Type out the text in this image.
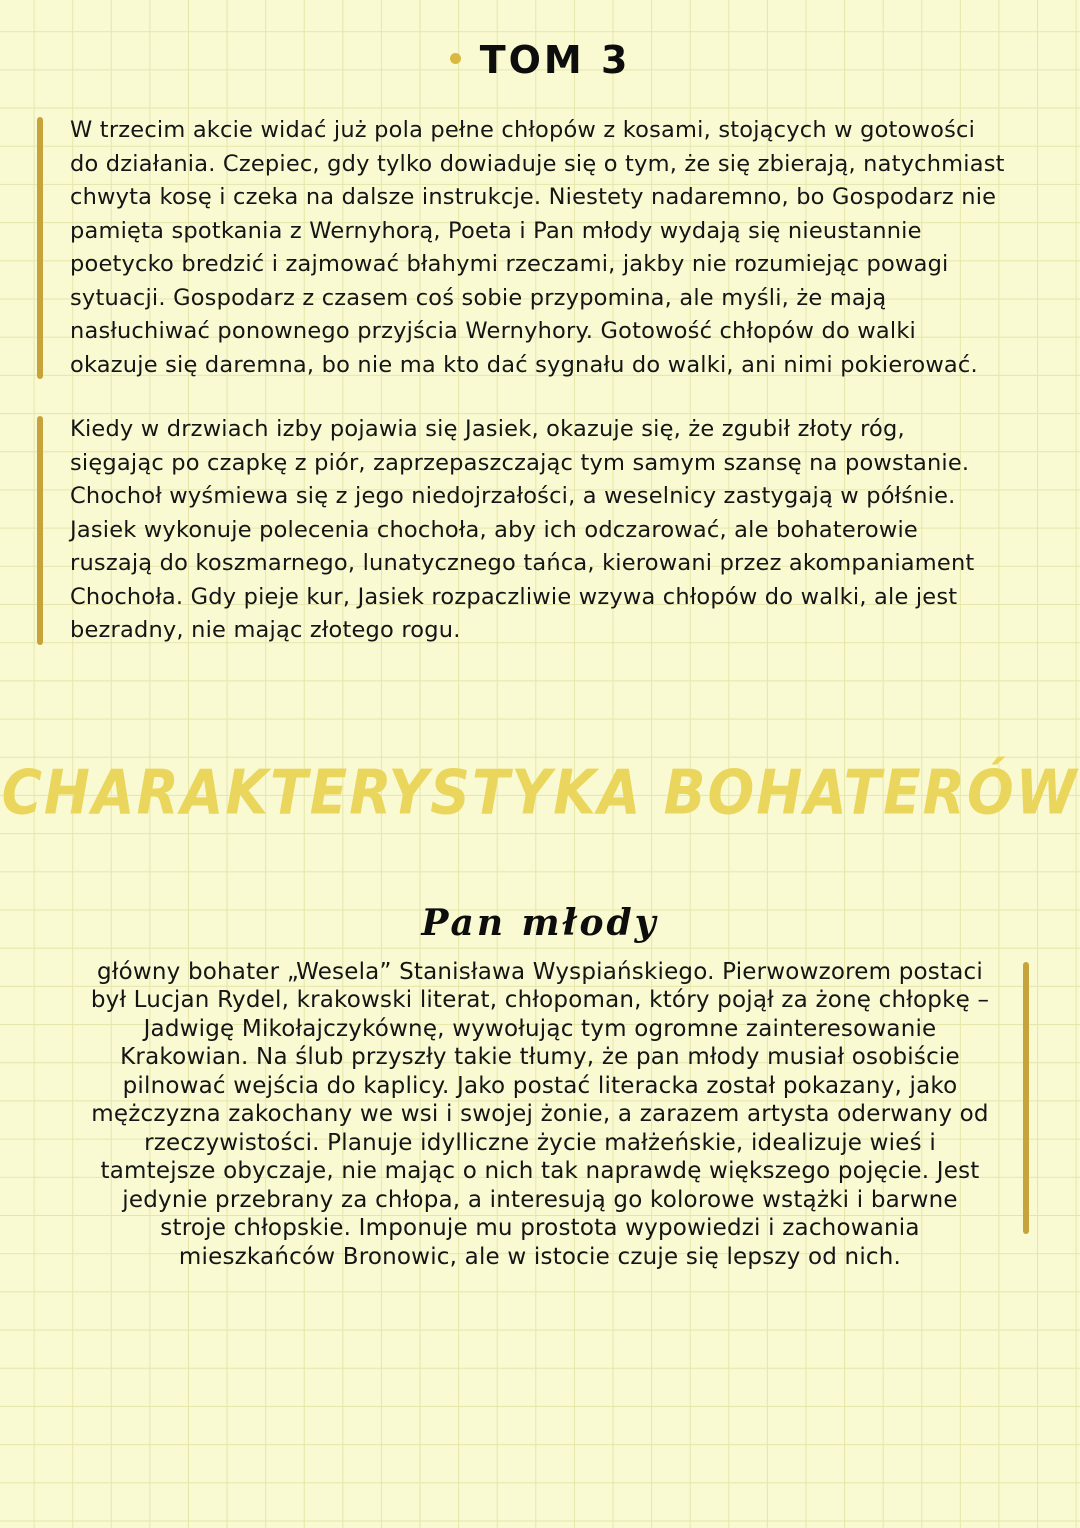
TOM 3

W trzecim akcie widać już pola pełne chłopów z kosami, stojących w gotowości do działania. Czepiec, gdy tylko dowiaduje się o tym, że się zbierają, natychmiast chwyta kosę i czeka na dalsze instrukcje. Niestety nadaremno, bo Gospodarz nie pamięta spotkania z Wernyhorą, Poeta i Pan młody wydają się nieustannie poetycko bredzić i zajmować błahymi rzeczami, jakby nie rozumiejąc powagi sytuacji. Gospodarz z czasem coś sobie przypomina, ale myśli, że mają nasłuchiwać ponownego przyjścia Wernyhory. Gotowość chłopów do walki okazuje się daremna, bo nie ma kto dać sygnału do walki, ani nimi pokierować.

Kiedy w drzwiach izby pojawia się Jasiek, okazuje się, że zgubił złoty róg, sięgając po czapkę z piór, zaprzepaszczając tym samym szansę na powstanie. Chochoł wyśmiewa się z jego niedojrzałości, a weselnicy zastygają w półśnie. Jasiek wykonuje polecenia chochoła, aby ich odczarować, ale bohaterowie ruszają do koszmarnego, lunatycznego tańca, kierowani przez akompaniament Chochoła. Gdy pieje kur, Jasiek rozpaczliwie wzywa chłopów do walki, ale jest bezradny, nie mając złotego rogu.

CHARAKTERYSTYKA BOHATERÓW
Pan młody

główny bohater „Wesela” Stanisława Wyspiańskiego. Pierwowzorem postaci był Lucjan Rydel, krakowski literat, chłopoman, który pojął za żonę chłopkę – Jadwigę Mikołajczykównę, wywołując tym ogromne zainteresowanie Krakowian. Na ślub przyszły takie tłumy, że pan młody musiał osobiście pilnować wejścia do kaplicy. Jako postać literacka został pokazany, jako mężczyzna zakochany we wsi i swojej żonie, a zarazem artysta oderwany od rzeczywistości. Planuje idylliczne życie małżeńskie, idealizuje wieś i tamtejsze obyczaje, nie mając o nich tak naprawdę większego pojęcie. Jest jedynie przebrany za chłopa, a interesują go kolorowe wstążki i barwne stroje chłopskie. Imponuje mu prostota wypowiedzi i zachowania mieszkańców Bronowic, ale w istocie czuje się lepszy od nich.
